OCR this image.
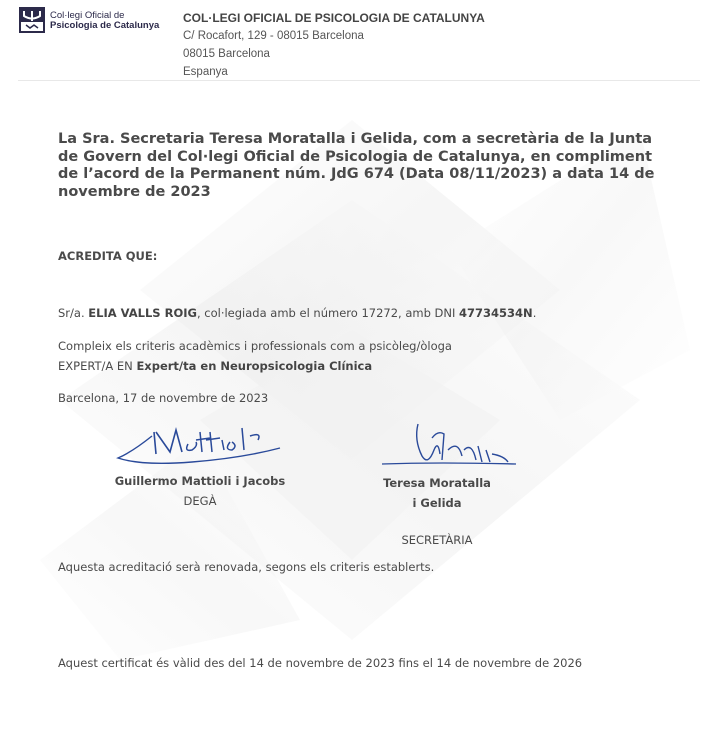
Col·legi Oficial de
Psicologia de Catalunya
COL·LEGI OFICIAL DE PSICOLOGIA DE CATALUNYA
C/ Rocafort, 129 - 08015 Barcelona
08015 Barcelona
Espanya
La Sra. Secretaria Teresa Moratalla i Gelida, com a secretària de la Junta de Govern del Col·legi Oficial de Psicologia de Catalunya, en compliment de l’acord de la Permanent núm. JdG 674 (Data 08/11/2023) a data 14 de novembre de 2023
ACREDITA QUE:
Sr/a. ELIA VALLS ROIG, col·legiada amb el número 17272, amb DNI 47734534N.
Compleix els criteris acadèmics i professionals com a psicòleg/òloga
EXPERT/A EN Expert/ta en Neuropsicologia Clínica
Barcelona, 17 de novembre de 2023
Guillermo Mattioli i Jacobs
DEGÀ
Teresa Moratalla i Gelida
SECRETÀRIA
Aquesta acreditació serà renovada, segons els criteris establerts.
Aquest certificat és vàlid des del 14 de novembre de 2023 fins el 14 de novembre de 2026
